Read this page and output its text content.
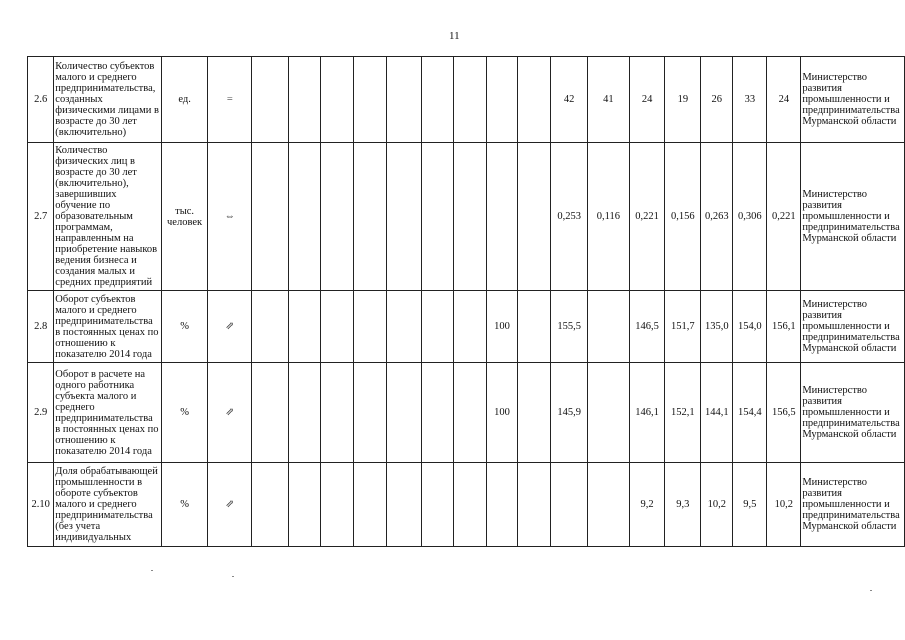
11
2.6	Количество субъектов малого и среднего предпринимательства, созданных физическими лицами в возрасте до 30 лет (включительно)	ед.	=										42	41	24	19	26	33	24	Министерство развития промышленности и предпринимательства Мурманской области
2.7	Количество физических лиц в возрасте до 30 лет (включительно), завершивших обучение по образовательным программам, направленным на приобретение навыков ведения бизнеса и создания малых и средних предприятий	тыс. человек	⇔										0,253	0,116	0,221	0,156	0,263	0,306	0,221	Министерство развития промышленности и предпринимательства Мурманской области
2.8	Оборот субъектов малого и среднего предпринимательства в постоянных ценах по отношению к показателю 2014 года	%	⇗								100		155,5		146,5	151,7	135,0	154,0	156,1	Министерство развития промышленности и предпринимательства Мурманской области
2.9	Оборот в расчете на одного работника субъекта малого и среднего предпринимательства в постоянных ценах по отношению к показателю 2014 года	%	⇗								100		145,9		146,1	152,1	144,1	154,4	156,5	Министерство развития промышленности и предпринимательства Мурманской области
2.10	Доля обрабатывающей промышленности в обороте субъектов малого и среднего предпринимательства (без учета индивидуальных	%	⇗												9,2	9,3	10,2	9,5	10,2	Министерство развития промышленности и предпринимательства Мурманской области
